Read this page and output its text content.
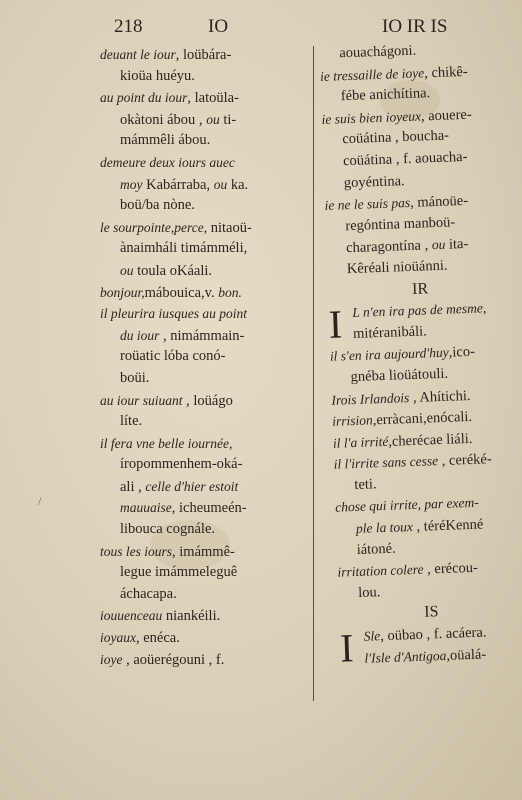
218	IO	IO IR IS
deuant le iour, loübára-
kioüa huéyu.
au point du iour, latoüla-
okàtoni ábou , ou ti-
mámmêli ábou.
demeure deux iours auec
moy Kabárraba, ou ka.
boü/ba nòne.
le sourpointe,perce, nitaoü-
ànaimháli timámméli,
ou toula oKáali.
bonjour,mábouica,v. bon.
il pleurira iusques au point
du iour , nimámmain-
roüatic lóba conó-
boüi.
au iour suiuant , loüágo
líte.
il fera vne belle iournée,
íropommenhem-oká-
ali , celle d'hier estoit
mauuaise, icheumeén-
libouca cognále.
tous les iours, imámmê-
legue imámmeleguê
áchacapa.
iouuenceau niankéili.
ioyaux, enéca.
ioye , aoüerégouni , f.
aouachágoni.
ie tressaille de ioye, chikê-
fébe anichítina.
ie suis bien ioyeux, aouere-
coüátina , boucha-
coüátina , f. aouacha-
goyéntina.
ie ne le suis pas, mánoüe-
regóntina manboü-
charagontína , ou ita-
Kêréali nioüánni.
IR
I L n'en ira pas de mesme,
mitéranibáli.
il s'en ira aujourd'huy,ico-
gnéba lioüátouli.
Irois Irlandois , Ahítichi.
irrision,erràcani,enócali.
il l'a irrité,cherécae liáli.
il l'irrite sans cesse , ceréké-
teti.
chose qui irrite, par exem-
ple la toux , téréKenné
iátoné.
irritation colere , erécou-
lou.
IS
I Sle, oübao , f. acáera.
l'Isle d'Antigoa,oüalá-
/
